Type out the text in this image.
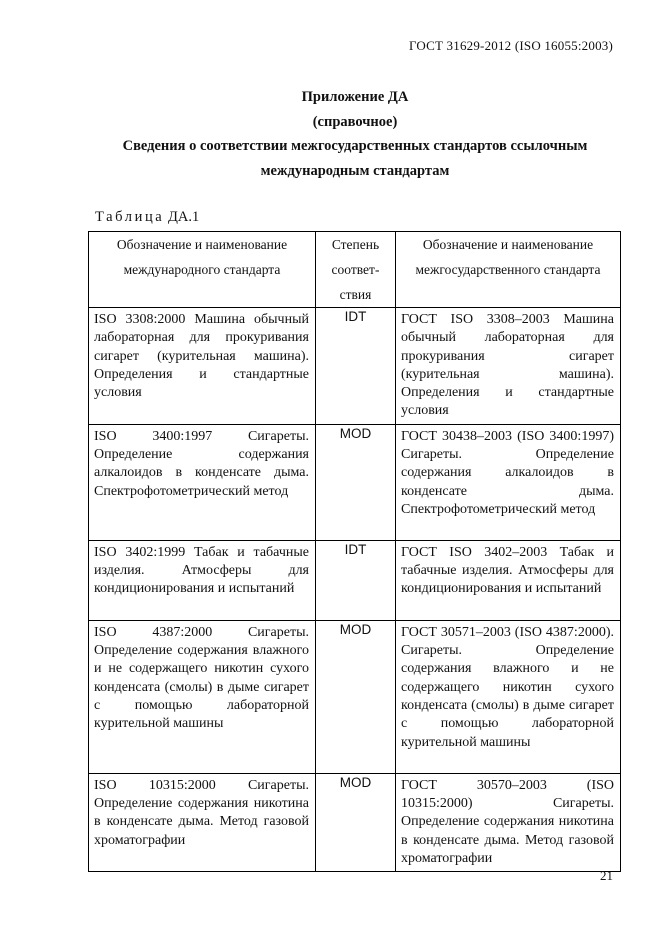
ГОСТ 31629-2012 (ISO 16055:2003)
Приложение ДА
(справочное)
Сведения о соответствии межгосударственных стандартов ссылочным
международным стандартам
Таблица ДА.1
Обозначение и наименование международного стандарта	Степень соответ-ствия	Обозначение и наименование межгосударственного стандарта
ISO 3308:2000 Машина обычный лабораторная для прокуривания сигарет (курительная машина). Определения и стандартные условия	IDT	ГОСТ ISO 3308–2003 Машина обычный лабораторная для прокуривания сигарет (курительная машина). Определения и стандартные условия
ISO 3400:1997 Сигареты. Определение содержания алкалоидов в конденсате дыма. Спектрофотометрический метод	MOD	ГОСТ 30438–2003 (ISO 3400:1997) Сигареты. Определение содержания алкалоидов в конденсате дыма. Спектрофотометрический метод
ISO 3402:1999 Табак и табачные изделия. Атмосферы для кондиционирования и испытаний	IDT	ГОСТ ISO 3402–2003 Табак и табачные изделия. Атмосферы для кондиционирования и испытаний
ISO 4387:2000 Сигареты. Определение содержания влажного и не содержащего никотин сухого конденсата (смолы) в дыме сигарет с помощью лабораторной курительной машины	MOD	ГОСТ 30571–2003 (ISO 4387:2000). Сигареты. Определение содержания влажного и не содержащего никотин сухого конденсата (смолы) в дыме сигарет с помощью лабораторной курительной машины
ISO 10315:2000 Сигареты. Определение содержания никотина в конденсате дыма. Метод газовой хроматографии	MOD	ГОСТ 30570–2003 (ISO 10315:2000) Сигареты. Определение содержания никотина в конденсате дыма. Метод газовой хроматографии
21
